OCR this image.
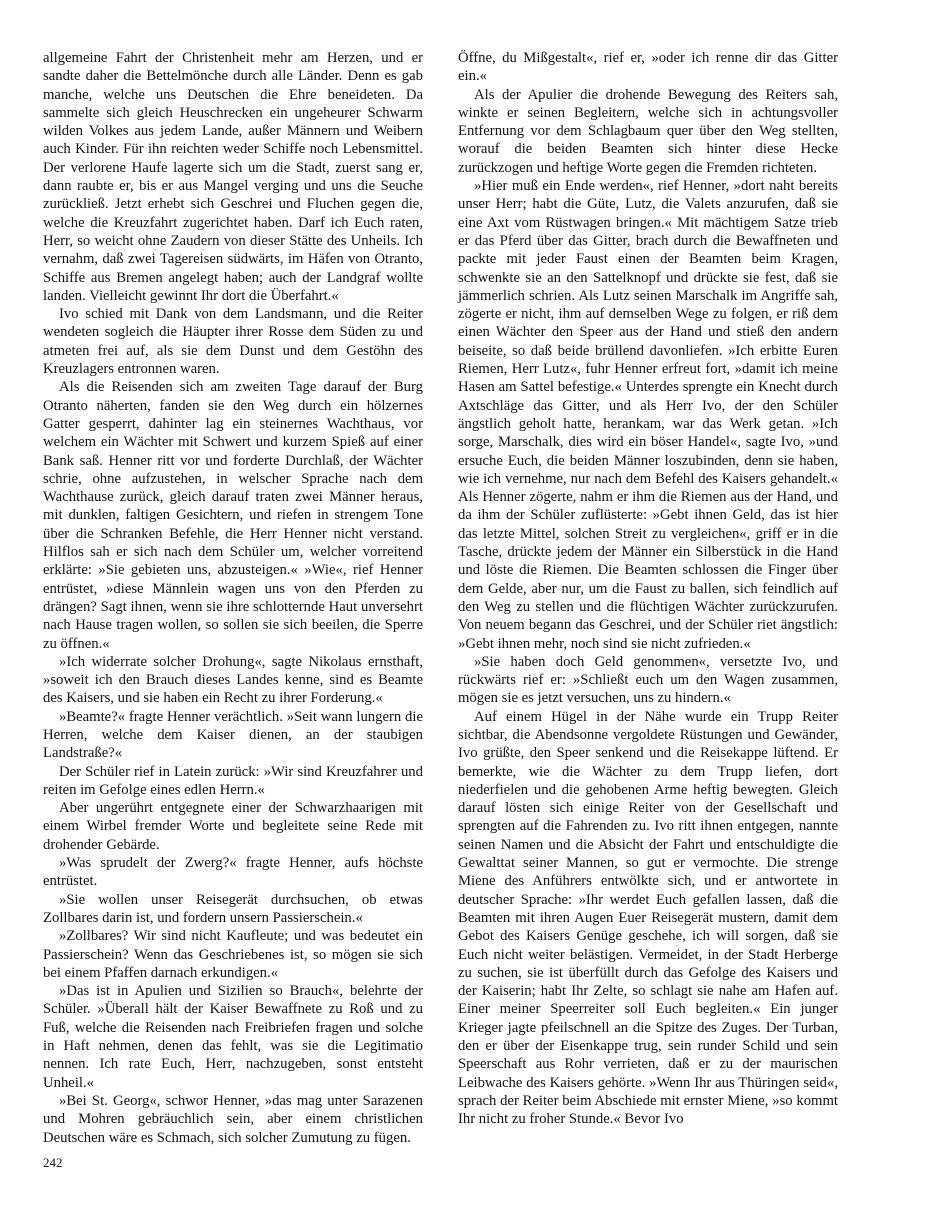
allgemeine Fahrt der Christenheit mehr am Herzen, und er sandte daher die Bettelmönche durch alle Länder. Denn es gab manche, welche uns Deutschen die Ehre beneideten. Da sammelte sich gleich Heuschrecken ein ungeheurer Schwarm wilden Volkes aus jedem Lande, außer Männern und Weibern auch Kinder. Für ihn reichten weder Schiffe noch Lebensmittel. Der verlorene Haufe lagerte sich um die Stadt, zuerst sang er, dann raubte er, bis er aus Mangel verging und uns die Seuche zurückließ. Jetzt erhebt sich Geschrei und Fluchen gegen die, welche die Kreuzfahrt zugerichtet haben. Darf ich Euch raten, Herr, so weicht ohne Zaudern von dieser Stätte des Unheils. Ich vernahm, daß zwei Tagereisen südwärts, im Häfen von Otranto, Schiffe aus Bremen angelegt haben; auch der Landgraf wollte landen. Vielleicht gewinnt Ihr dort die Überfahrt.«

Ivo schied mit Dank von dem Landsmann, und die Reiter wendeten sogleich die Häupter ihrer Rosse dem Süden zu und atmeten frei auf, als sie dem Dunst und dem Gestöhn des Kreuzlagers entronnen waren.

Als die Reisenden sich am zweiten Tage darauf der Burg Otranto näherten, fanden sie den Weg durch ein hölzernes Gatter gesperrt, dahinter lag ein steinernes Wachthaus, vor welchem ein Wächter mit Schwert und kurzem Spieß auf einer Bank saß. Henner ritt vor und forderte Durchlaß, der Wächter schrie, ohne aufzustehen, in welscher Sprache nach dem Wachthause zurück, gleich darauf traten zwei Männer heraus, mit dunklen, faltigen Gesichtern, und riefen in strengem Tone über die Schranken Befehle, die Herr Henner nicht verstand. Hilflos sah er sich nach dem Schüler um, welcher vorreitend erklärte: »Sie gebieten uns, abzusteigen.« »Wie«, rief Henner entrüstet, »diese Männlein wagen uns von den Pferden zu drängen? Sagt ihnen, wenn sie ihre schlotternde Haut unversehrt nach Hause tragen wollen, so sollen sie sich beeilen, die Sperre zu öffnen.«

»Ich widerrate solcher Drohung«, sagte Nikolaus ernsthaft, »soweit ich den Brauch dieses Landes kenne, sind es Beamte des Kaisers, und sie haben ein Recht zu ihrer Forderung.«

»Beamte?« fragte Henner verächtlich. »Seit wann lungern die Herren, welche dem Kaiser dienen, an der staubigen Landstraße?«

Der Schüler rief in Latein zurück: »Wir sind Kreuzfahrer und reiten im Gefolge eines edlen Herrn.«

Aber ungerührt entgegnete einer der Schwarzhaarigen mit einem Wirbel fremder Worte und begleitete seine Rede mit drohender Gebärde.

»Was sprudelt der Zwerg?« fragte Henner, aufs höchste entrüstet.

»Sie wollen unser Reisegerät durchsuchen, ob etwas Zollbares darin ist, und fordern unsern Passierschein.«

»Zollbares? Wir sind nicht Kaufleute; und was bedeutet ein Passierschein? Wenn das Geschriebenes ist, so mögen sie sich bei einem Pfaffen darnach erkundigen.«

»Das ist in Apulien und Sizilien so Brauch«, belehrte der Schüler. »Überall hält der Kaiser Bewaffnete zu Roß und zu Fuß, welche die Reisenden nach Freibriefen fragen und solche in Haft nehmen, denen das fehlt, was sie die Legitimatio nennen. Ich rate Euch, Herr, nachzugeben, sonst entsteht Unheil.«

»Bei St. Georg«, schwor Henner, »das mag unter Sarazenen und Mohren gebräuchlich sein, aber einem christlichen Deutschen wäre es Schmach, sich solcher Zumutung zu fügen.

Öffne, du Mißgestalt«, rief er, »oder ich renne dir das Gitter ein.«

Als der Apulier die drohende Bewegung des Reiters sah, winkte er seinen Begleitern, welche sich in achtungsvoller Entfernung vor dem Schlagbaum quer über den Weg stellten, worauf die beiden Beamten sich hinter diese Hecke zurückzogen und heftige Worte gegen die Fremden richteten.

»Hier muß ein Ende werden«, rief Henner, »dort naht bereits unser Herr; habt die Güte, Lutz, die Valets anzurufen, daß sie eine Axt vom Rüstwagen bringen.« Mit mächtigem Satze trieb er das Pferd über das Gitter, brach durch die Bewaffneten und packte mit jeder Faust einen der Beamten beim Kragen, schwenkte sie an den Sattelknopf und drückte sie fest, daß sie jämmerlich schrien. Als Lutz seinen Marschalk im Angriffe sah, zögerte er nicht, ihm auf demselben Wege zu folgen, er riß dem einen Wächter den Speer aus der Hand und stieß den andern beiseite, so daß beide brüllend davonliefen. »Ich erbitte Euren Riemen, Herr Lutz«, fuhr Henner erfreut fort, »damit ich meine Hasen am Sattel befestige.« Unterdes sprengte ein Knecht durch Axtschläge das Gitter, und als Herr Ivo, der den Schüler ängstlich geholt hatte, herankam, war das Werk getan. »Ich sorge, Marschalk, dies wird ein böser Handel«, sagte Ivo, »und ersuche Euch, die beiden Männer loszubinden, denn sie haben, wie ich vernehme, nur nach dem Befehl des Kaisers gehandelt.« Als Henner zögerte, nahm er ihm die Riemen aus der Hand, und da ihm der Schüler zuflüsterte: »Gebt ihnen Geld, das ist hier das letzte Mittel, solchen Streit zu vergleichen«, griff er in die Tasche, drückte jedem der Männer ein Silberstück in die Hand und löste die Riemen. Die Beamten schlossen die Finger über dem Gelde, aber nur, um die Faust zu ballen, sich feindlich auf den Weg zu stellen und die flüchtigen Wächter zurückzurufen. Von neuem begann das Geschrei, und der Schüler riet ängstlich: »Gebt ihnen mehr, noch sind sie nicht zufrieden.«

»Sie haben doch Geld genommen«, versetzte Ivo, und rückwärts rief er: »Schließt euch um den Wagen zusammen, mögen sie es jetzt versuchen, uns zu hindern.«

Auf einem Hügel in der Nähe wurde ein Trupp Reiter sichtbar, die Abendsonne vergoldete Rüstungen und Gewänder, Ivo grüßte, den Speer senkend und die Reisekappe lüftend. Er bemerkte, wie die Wächter zu dem Trupp liefen, dort niederfielen und die gehobenen Arme heftig bewegten. Gleich darauf lösten sich einige Reiter von der Gesellschaft und sprengten auf die Fahrenden zu. Ivo ritt ihnen entgegen, nannte seinen Namen und die Absicht der Fahrt und entschuldigte die Gewalttat seiner Mannen, so gut er vermochte. Die strenge Miene des Anführers entwölkte sich, und er antwortete in deutscher Sprache: »Ihr werdet Euch gefallen lassen, daß die Beamten mit ihren Augen Euer Reisegerät mustern, damit dem Gebot des Kaisers Genüge geschehe, ich will sorgen, daß sie Euch nicht weiter belästigen. Vermeidet, in der Stadt Herberge zu suchen, sie ist überfüllt durch das Gefolge des Kaisers und der Kaiserin; habt Ihr Zelte, so schlagt sie nahe am Hafen auf. Einer meiner Speerreiter soll Euch begleiten.« Ein junger Krieger jagte pfeilschnell an die Spitze des Zuges. Der Turban, den er über der Eisenkappe trug, sein runder Schild und sein Speerschaft aus Rohr verrieten, daß er zu der maurischen Leibwache des Kaisers gehörte. »Wenn Ihr aus Thüringen seid«, sprach der Reiter beim Abschiede mit ernster Miene, »so kommt Ihr nicht zu froher Stunde.« Bevor Ivo

242
